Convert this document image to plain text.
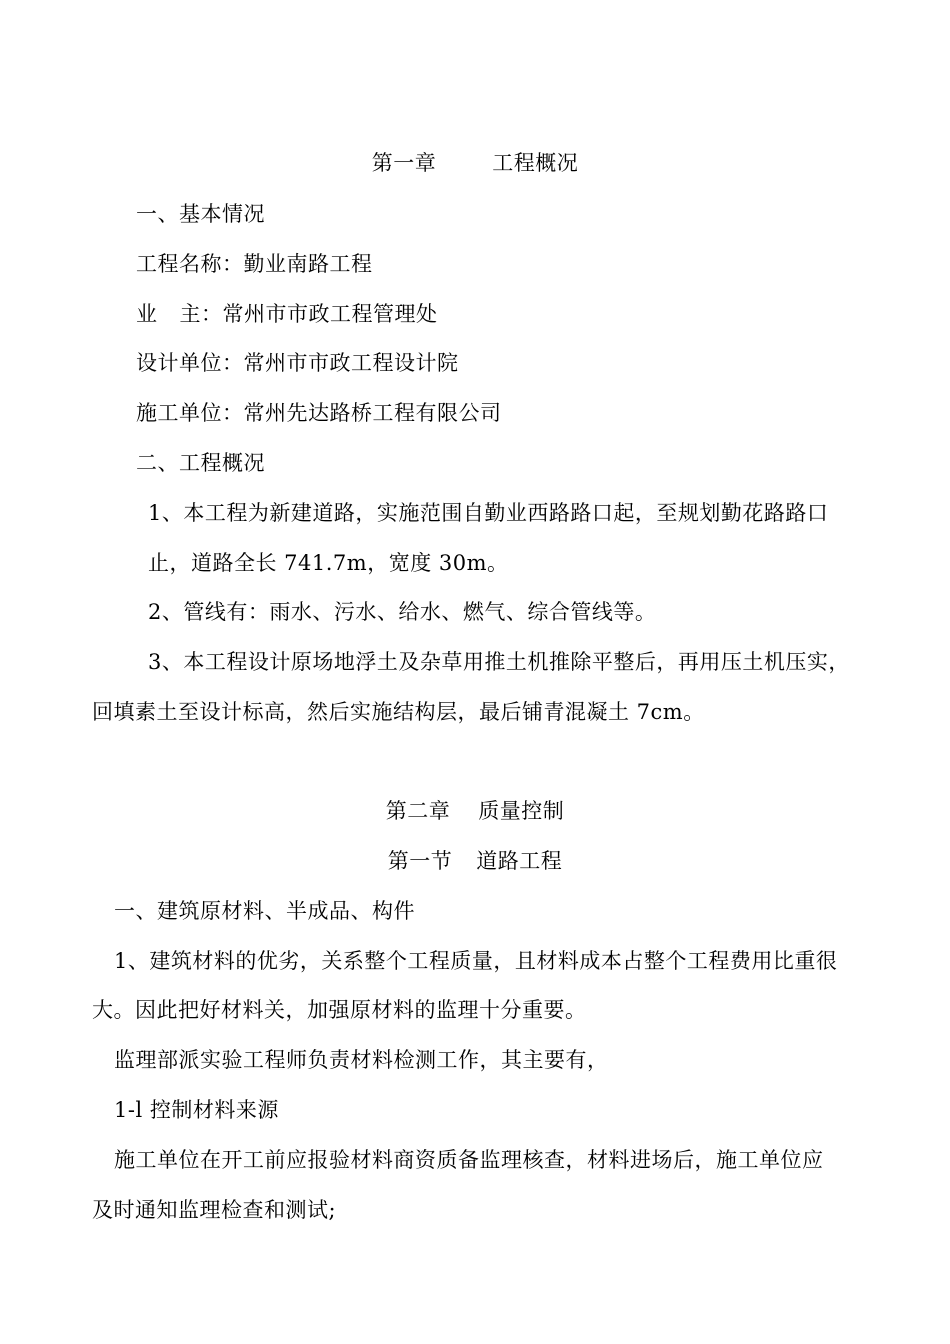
第一章	工程概况
一、基本情况
工程名称：勤业南路工程
业 主：常州市市政工程管理处
设计单位：常州市市政工程设计院
施工单位：常州先达路桥工程有限公司
二、工程概况
1、本工程为新建道路，实施范围自勤业西路路口起，至规划勤花路路口
止，道路全长 741.7m，宽度 30m。
2、管线有：雨水、污水、给水、燃气、综合管线等。
3、本工程设计原场地浮土及杂草用推土机推除平整后，再用压土机压实，
回填素土至设计标高，然后实施结构层，最后铺青混凝土 7cm。
第二章 质量控制
第一节 道路工程
一、建筑原材料、半成品、构件
1、建筑材料的优劣，关系整个工程质量，且材料成本占整个工程费用比重很
大。因此把好材料关，加强原材料的监理十分重要。
监理部派实验工程师负责材料检测工作，其主要有，
1-l 控制材料来源
施工单位在开工前应报验材料商资质备监理核查，材料进场后，施工单位应
及时通知监理检查和测试;
